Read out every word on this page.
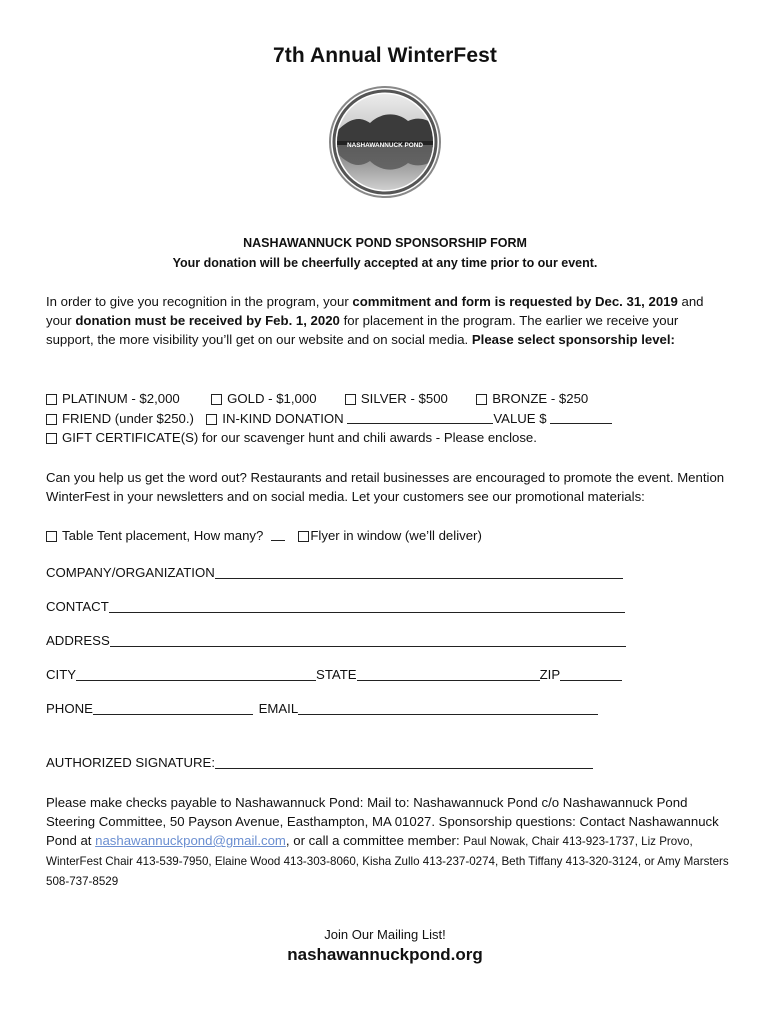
7th Annual WinterFest
NASHAWANNUCK POND
NASHAWANNUCK POND SPONSORSHIP FORM
Your donation will be cheerfully accepted at any time prior to our event.
In order to give you recognition in the program, your commitment and form is requested by Dec. 31, 2019 and your donation must be received by Feb. 1, 2020 for placement in the program. The earlier we receive your support, the more visibility you’ll get on our website and on social media. Please select sponsorship level:
PLATINUM - $2,000	GOLD - $1,000	SILVER - $500	BRONZE - $250
FRIEND (under $250.) IN-KIND DONATION	VALUE $
GIFT CERTIFICATE(S) for our scavenger hunt and chili awards - Please enclose.
Can you help us get the word out? Restaurants and retail businesses are encouraged to promote the event. Mention WinterFest in your newsletters and on social media. Let your customers see our promotional materials:
Table Tent placement, How many?	Flyer in window (we’ll deliver)
COMPANY/ORGANIZATION
CONTACT
ADDRESS
CITY	STATE	ZIP
PHONE	EMAIL
AUTHORIZED SIGNATURE:
Please make checks payable to Nashawannuck Pond: Mail to: Nashawannuck Pond c/o Nashawannuck Pond Steering Committee, 50 Payson Avenue, Easthampton, MA 01027. Sponsorship questions: Contact Nashawannuck Pond at nashawannuckpond@gmail.com, or call a committee member: Paul Nowak, Chair 413-923-1737, Liz Provo, WinterFest Chair 413-539-7950, Elaine Wood 413-303-8060, Kisha Zullo 413-237-0274, Beth Tiffany 413-320-3124, or Amy Marsters 508-737-8529
Join Our Mailing List!
nashawannuckpond.org
